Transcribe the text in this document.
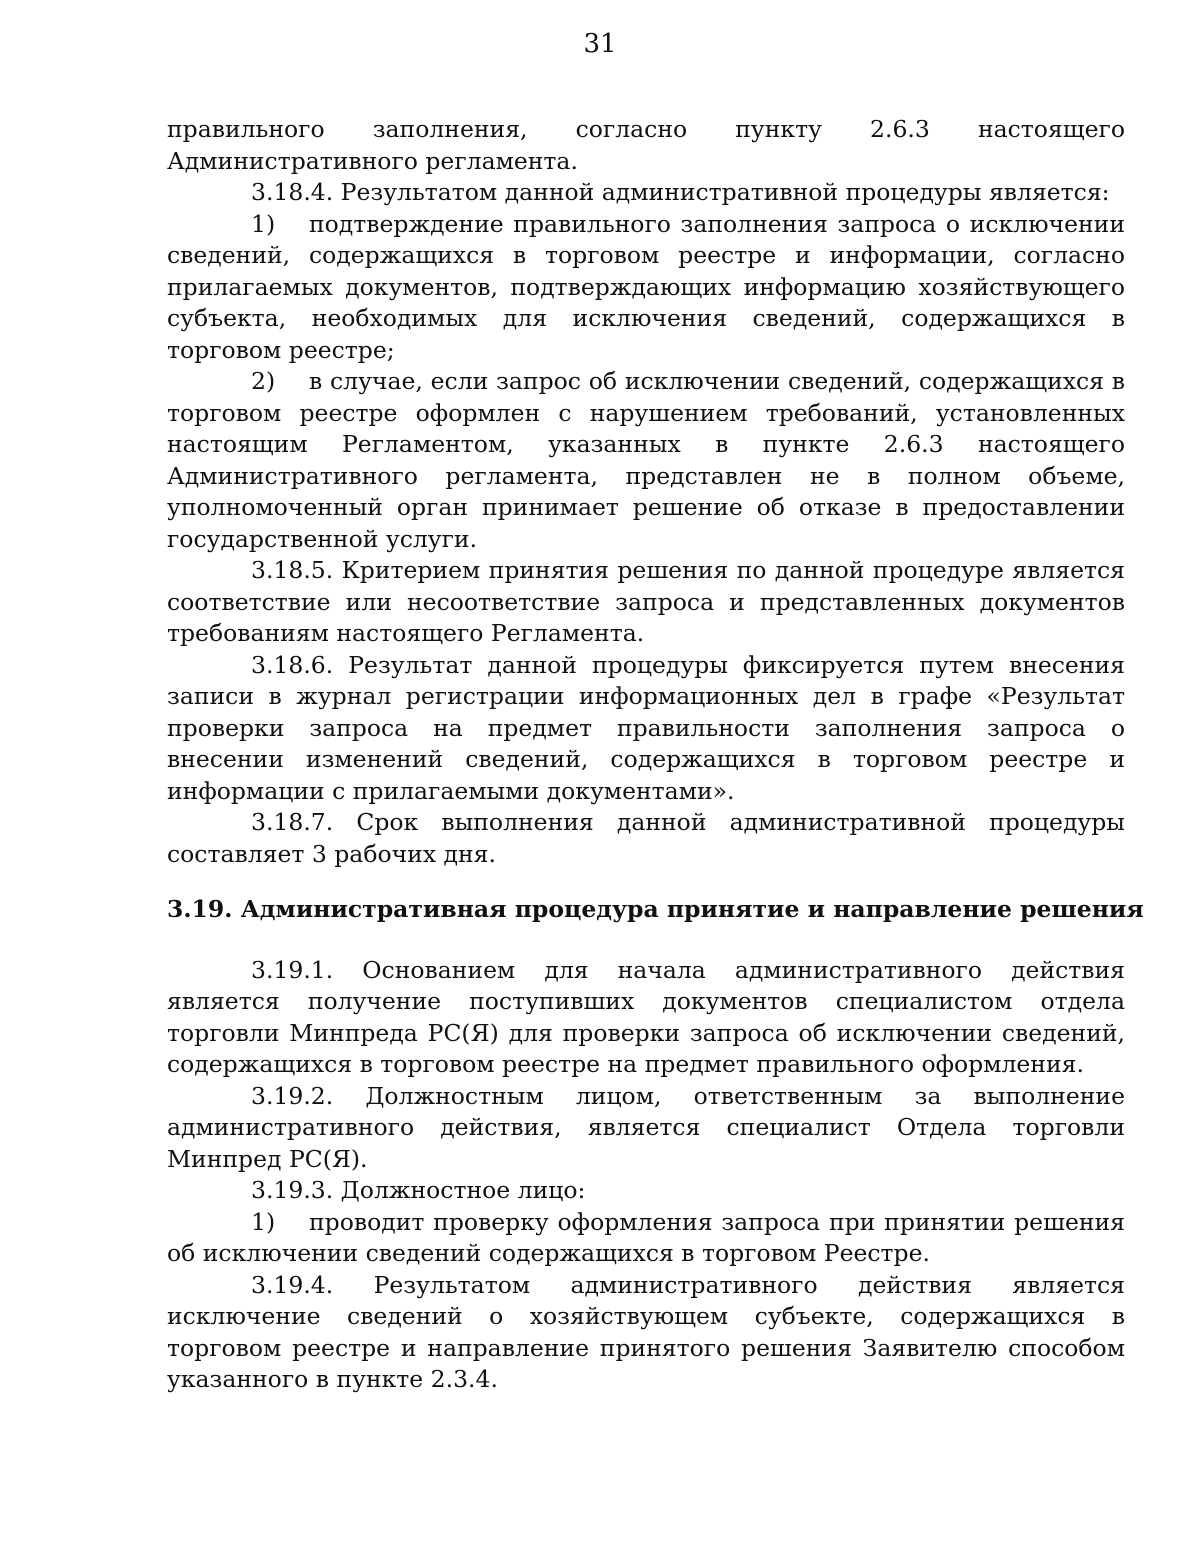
31

правильного заполнения, согласно пункту 2.6.3 настоящего Административного регламента.

3.18.4. Результатом данной административной процедуры является:

1) подтверждение правильного заполнения запроса о исключении сведений, содержащихся в торговом реестре и информации, согласно прилагаемых документов, подтверждающих информацию хозяйствующего субъекта, необходимых для исключения сведений, содержащихся в торговом реестре;

2) в случае, если запрос об исключении сведений, содержащихся в торговом реестре оформлен с нарушением требований, установленных настоящим Регламентом, указанных в пункте 2.6.3 настоящего Административного регламента, представлен не в полном объеме, уполномоченный орган принимает решение об отказе в предоставлении государственной услуги.

3.18.5. Критерием принятия решения по данной процедуре является соответствие или несоответствие запроса и представленных документов требованиям настоящего Регламента.

3.18.6. Результат данной процедуры фиксируется путем внесения записи в журнал регистрации информационных дел в графе «Результат проверки запроса на предмет правильности заполнения запроса о внесении изменений сведений, содержащихся в торговом реестре и информации с прилагаемыми документами».

3.18.7. Срок выполнения данной административной процедуры составляет 3 рабочих дня.

3.19. Административная процедура принятие и направление решения

3.19.1. Основанием для начала административного действия является получение поступивших документов специалистом отдела торговли Минпреда РС(Я) для проверки запроса об исключении сведений, содержащихся в торговом реестре на предмет правильного оформления.

3.19.2. Должностным лицом, ответственным за выполнение административного действия, является специалист Отдела торговли Минпред РС(Я).

3.19.3. Должностное лицо:

1) проводит проверку оформления запроса при принятии решения об исключении сведений содержащихся в торговом Реестре.

3.19.4. Результатом административного действия является исключение сведений о хозяйствующем субъекте, содержащихся в торговом реестре и направление принятого решения Заявителю способом указанного в пункте 2.3.4.
